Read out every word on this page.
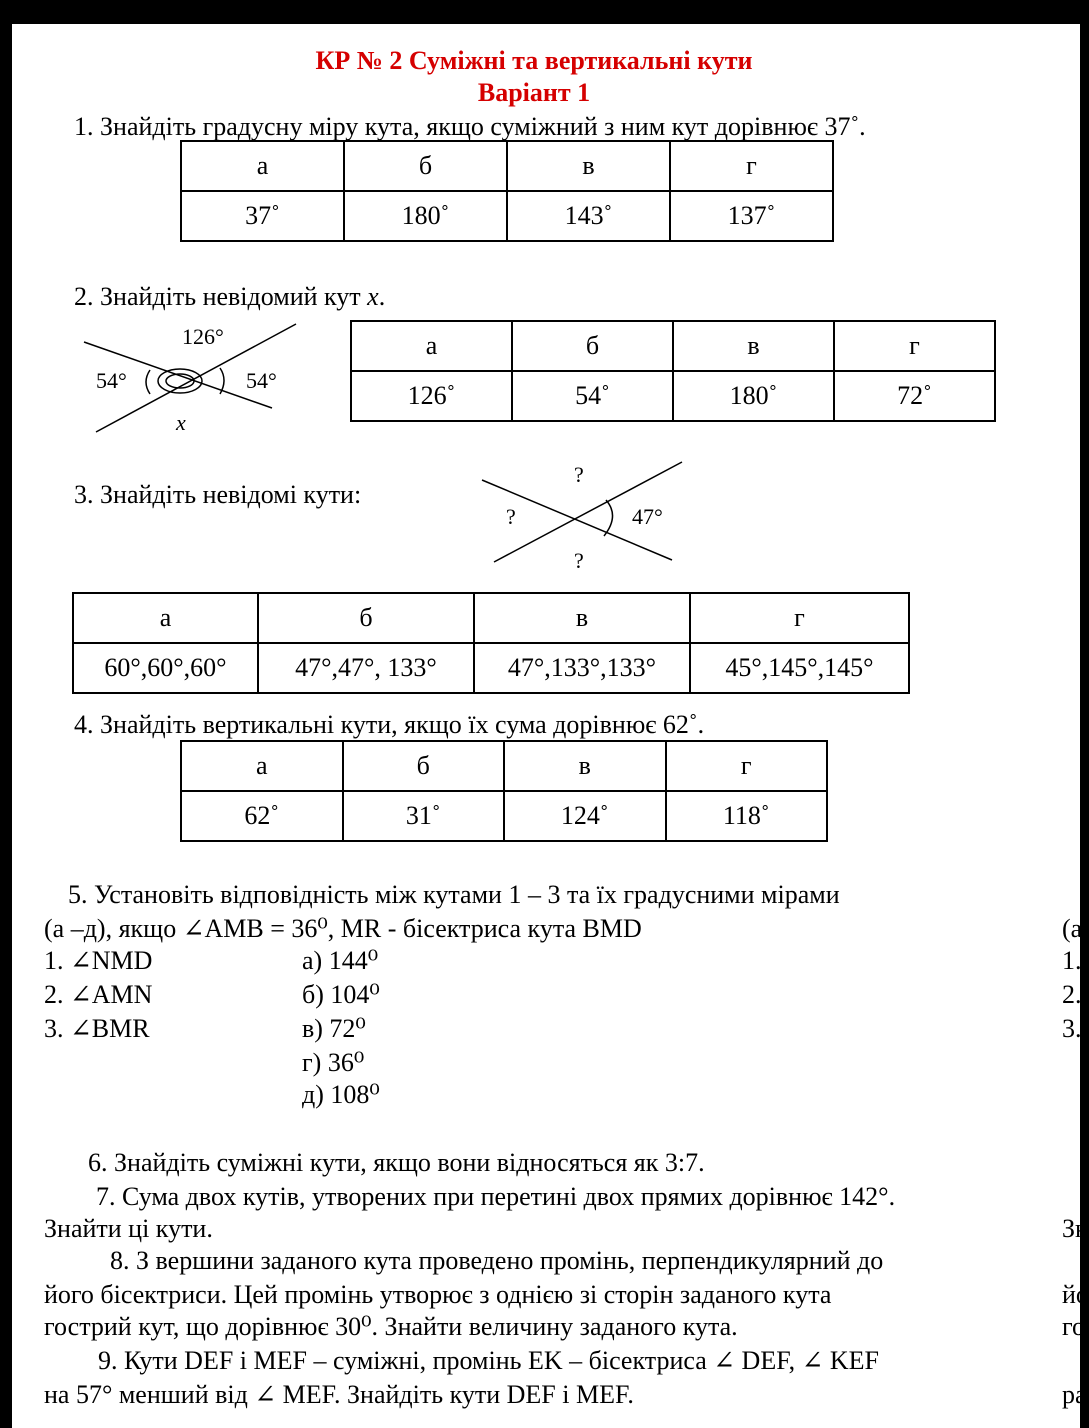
КР № 2 Суміжні та вертикальні кути
Варіант 1
1. Знайдіть градусну міру кута, якщо суміжний з ним кут дорівнює 37˚.
а	б	в	г
37˚	180˚	143˚	137˚
2. Знайдіть невідомий кут x.
126°
54°	54°
x
а	б	в	г
126˚	54˚	180˚	72˚
3. Знайдіть невідомі кути:
?
?	47°
?
а	б	в	г
60°,60°,60°	47°,47°, 133°	47°,133°,133°	45°,145°,145°
4. Знайдіть вертикальні кути, якщо їх сума дорівнює 62˚.
а	б	в	г
62˚	31˚	124˚	118˚
5. Установіть відповідність між кутами 1 – 3 та їх градусними мірами
(а –д), якщо ∠AMB = 36⁰, MR - бісектриса кута BMD
1. ∠NMD
2. ∠AMN
3. ∠BMR
а) 144⁰
б) 104⁰
в) 72⁰
г) 36⁰
д) 108⁰
6. Знайдіть суміжні кути, якщо вони відносяться як 3:7.
7. Сума двох кутів, утворених при перетині двох прямих дорівнює 142°.
Знайти ці кути.
8. З вершини заданого кута проведено промінь, перпендикулярний до
його бісектриси. Цей промінь утворює з однією зі сторін заданого кута
гострий кут, що дорівнює 30⁰. Знайти величину заданого кута.
9. Кути DEF і MEF – суміжні, промінь EK – бісектриса ∠ DEF, ∠ KEF
на 57° менший від ∠ MEF. Знайдіть кути DEF і MEF.
(а
1.
2.
3.
Зн
йо
го
ра
